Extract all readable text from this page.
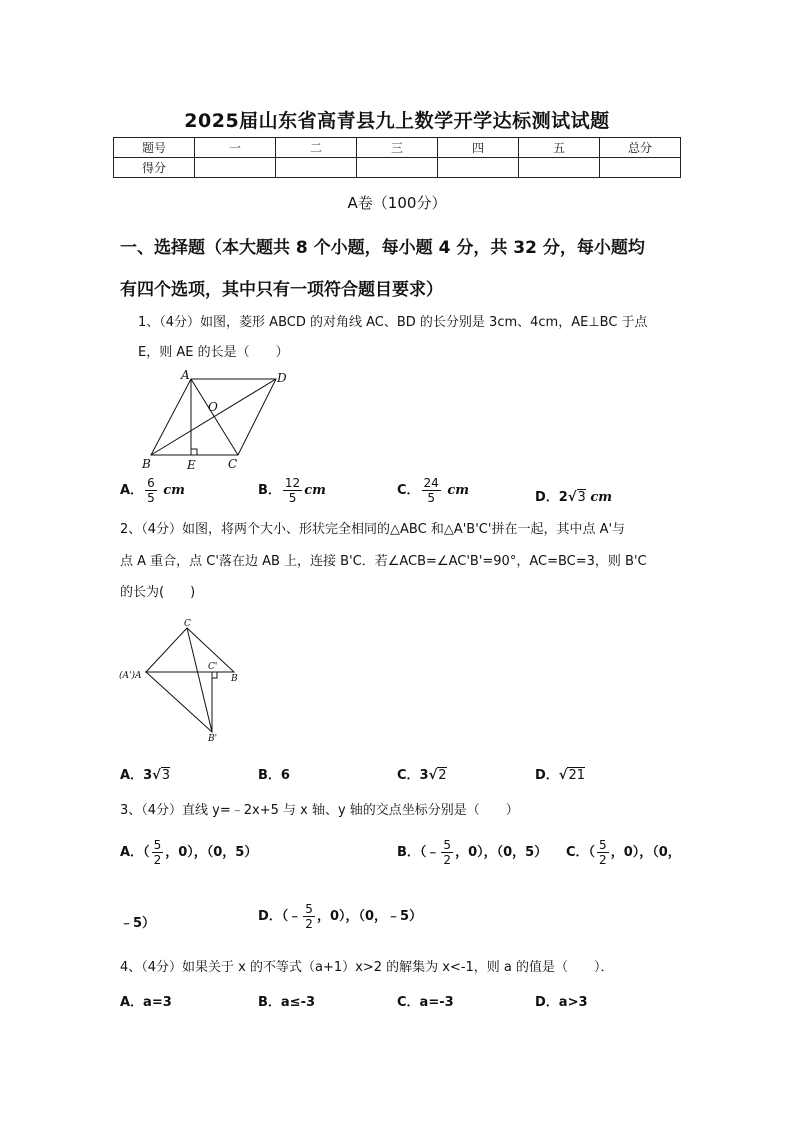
2025届山东省高青县九上数学开学达标测试试题
题号	一	二	三	四	五	总分
得分						
A卷（100分）
一、选择题（本大题共 8 个小题，每小题 4 分，共 32 分，每小题均
有四个选项，其中只有一项符合题目要求）
1、（4分）如图，菱形 ABCD 的对角线 AC、BD 的长分别是 3cm、4cm，AE⊥BC 于点
E，则 AE 的长是（　　）
A	D
O
B	E	C
A． $\frac{6}{5}$ cm	B． $\frac{12}{5}$ cm	C． $\frac{24}{5}$ cm	D．2√3 cm
2、（4分）如图，将两个大小、形状完全相同的△ABC 和△A'B'C'拼在一起，其中点 A'与
点 A 重合，点 C'落在边 AB 上，连接 B'C．若∠ACB=∠AC'B'=90°，AC=BC=3，则 B'C
的长为(　　)
C
C'
(A')A	B
B'
A．3√3	B．6	C．3√2	D．√21
3、（4分）直线 y=﹣2x+5 与 x 轴、y 轴的交点坐标分别是（　　）
A．（ $\frac{5}{2}$ ，0），（0，5）	B．（﹣ $\frac{5}{2}$ ，0），（0，5） C．（ $\frac{5}{2}$ ，0），（0，
﹣5）	D．（﹣ $\frac{5}{2}$ ，0），（0，﹣5）
4、（4分）如果关于 x 的不等式（a+1）x>2 的解集为 x<-1，则 a 的值是（　　）．
A．a=3	B．a≤-3	C．a=-3	D．a>3
